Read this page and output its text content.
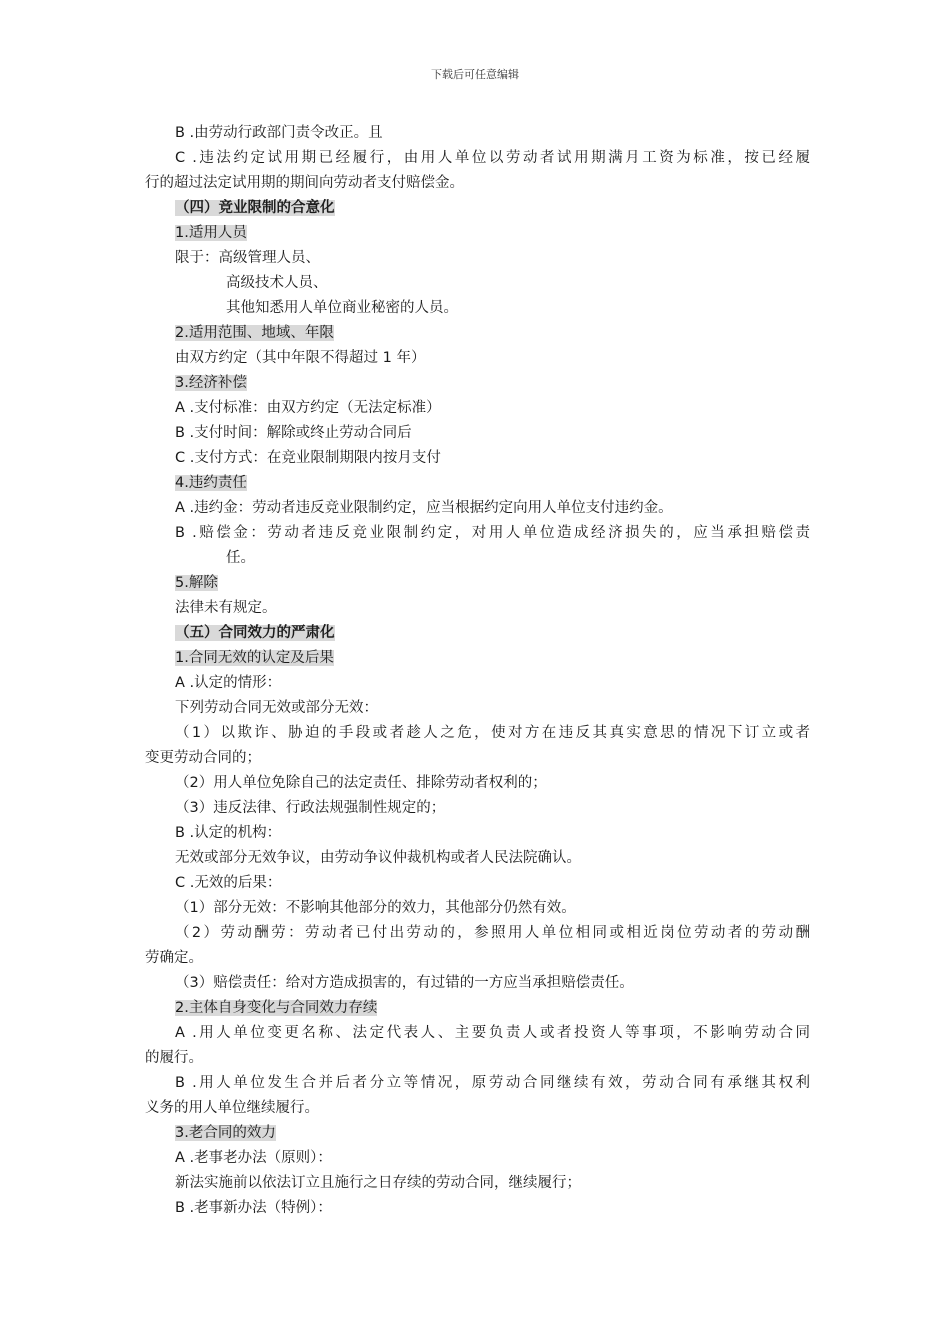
下载后可任意编辑
B .由劳动行政部门责令改正。且
C .违法约定试用期已经履行，由用人单位以劳动者试用期满月工资为标准，按已经履
行的超过法定试用期的期间向劳动者支付赔偿金。
（四）竞业限制的合意化
1.适用人员
限于：高级管理人员、
高级技术人员、
其他知悉用人单位商业秘密的人员。
2.适用范围、地域、年限
由双方约定（其中年限不得超过 1 年）
3.经济补偿
A .支付标准：由双方约定（无法定标准）
B .支付时间：解除或终止劳动合同后
C .支付方式：在竞业限制期限内按月支付
4.违约责任
A .违约金：劳动者违反竞业限制约定，应当根据约定向用人单位支付违约金。
B .赔偿金：劳动者违反竞业限制约定，对用人单位造成经济损失的，应当承担赔偿责
任。
5.解除
法律未有规定。
（五）合同效力的严肃化
1.合同无效的认定及后果
A .认定的情形：
下列劳动合同无效或部分无效：
（1）以欺诈、胁迫的手段或者趁人之危，使对方在违反其真实意思的情况下订立或者
变更劳动合同的；
（2）用人单位免除自己的法定责任、排除劳动者权利的；
（3）违反法律、行政法规强制性规定的；
B .认定的机构：
无效或部分无效争议，由劳动争议仲裁机构或者人民法院确认。
C .无效的后果：
（1）部分无效：不影响其他部分的效力，其他部分仍然有效。
（2）劳动酬劳：劳动者已付出劳动的，参照用人单位相同或相近岗位劳动者的劳动酬
劳确定。
（3）赔偿责任：给对方造成损害的，有过错的一方应当承担赔偿责任。
2.主体自身变化与合同效力存续
A .用人单位变更名称、法定代表人、主要负责人或者投资人等事项，不影响劳动合同
的履行。
B .用人单位发生合并后者分立等情况，原劳动合同继续有效，劳动合同有承继其权利
义务的用人单位继续履行。
3.老合同的效力
A .老事老办法（原则）：
新法实施前以依法订立且施行之日存续的劳动合同，继续履行；
B .老事新办法（特例）：
